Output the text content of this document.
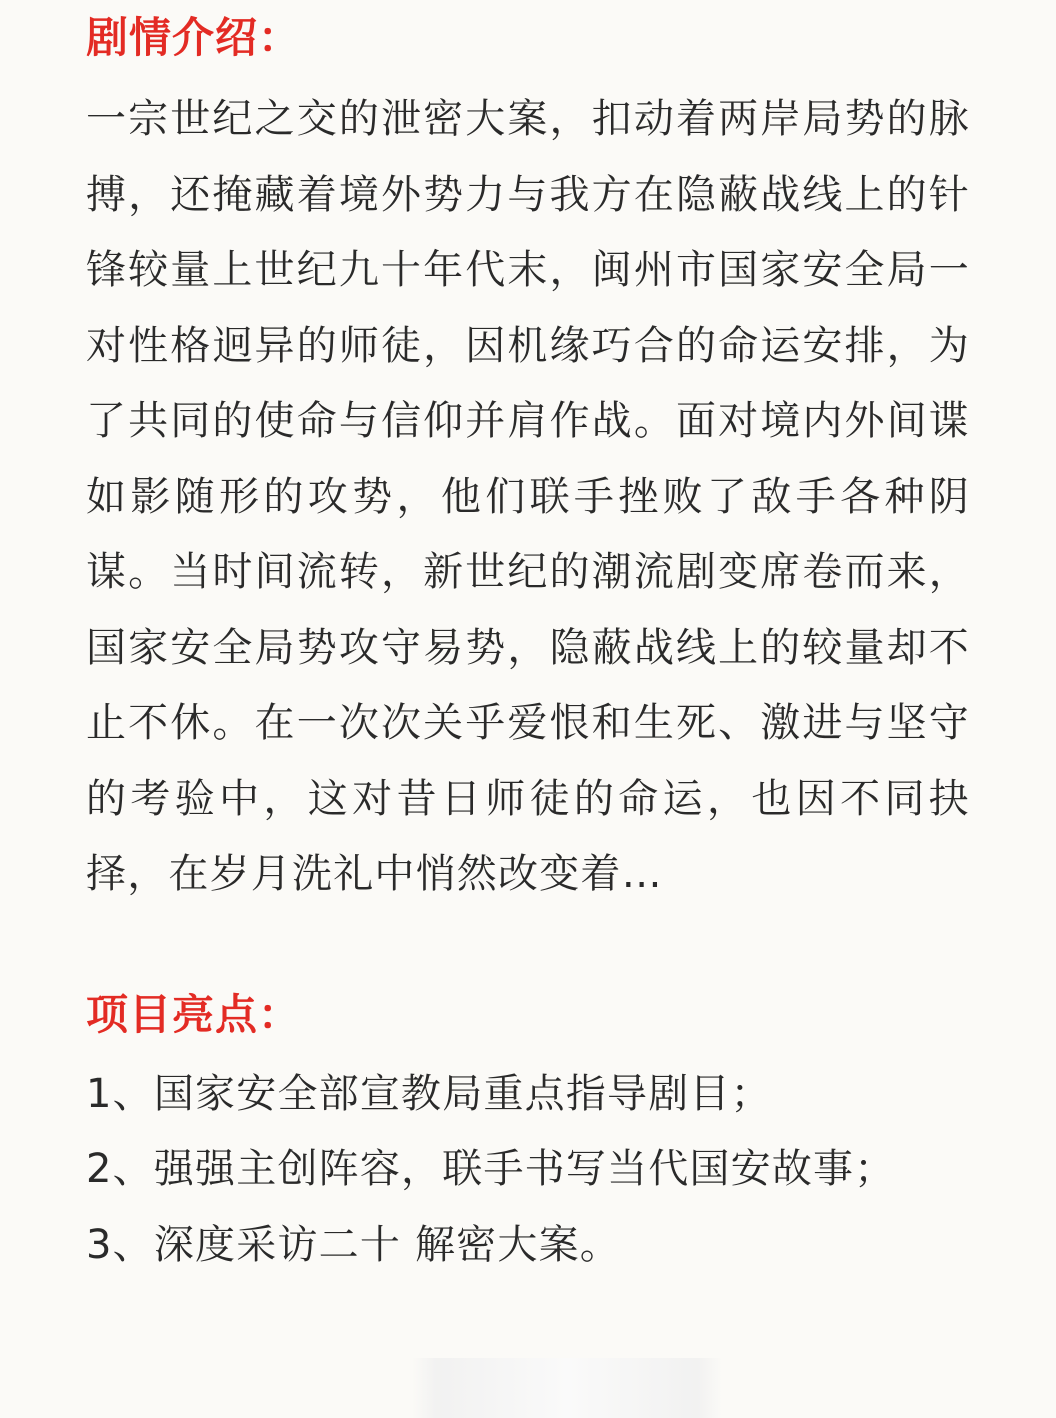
剧情介绍：

一宗世纪之交的泄密大案，扣动着两岸局势的脉搏，还掩藏着境外势力与我方在隐蔽战线上的针锋较量上世纪九十年代末，闽州市国家安全局一对性格迥异的师徒，因机缘巧合的命运安排，为了共同的使命与信仰并肩作战。面对境内外间谍如影随形的攻势，他们联手挫败了敌手各种阴谋。当时间流转，新世纪的潮流剧变席卷而来，国家安全局势攻守易势，隐蔽战线上的较量却不止不休。在一次次关乎爱恨和生死、激进与坚守的考验中，这对昔日师徒的命运，也因不同抉择，在岁月洗礼中悄然改变着…

项目亮点：
1、国家安全部宣教局重点指导剧目；
2、强强主创阵容，联手书写当代国安故事；
3、深度采访二十 解密大案。
